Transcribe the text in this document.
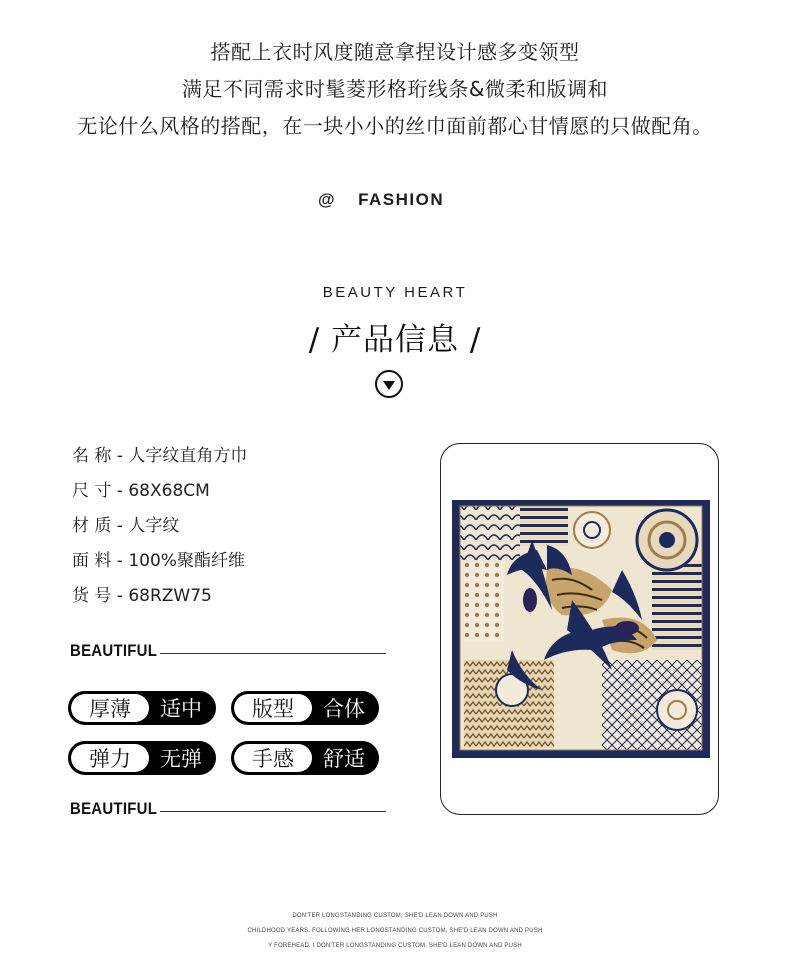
搭配上衣时风度随意拿捏设计感多变领型
满足不同需求时髦菱形格珩线条&微柔和版调和
无论什么风格的搭配，在一块小小的丝巾面前都心甘情愿的只做配角。
@ FASHION
BEAUTY HEART
/ 产品信息 /
名 称 - 人字纹直角方巾
尺 寸 - 68X68CM
材 质 - 人字纹
面 料 - 100%聚酯纤维
货 号 - 68RZW75
BEAUTIFUL
厚薄	适中	版型	合体
弹力	无弹	手感	舒适
BEAUTIFUL
DON'TER LONGSTANDING CUSTOM, SHE'D LEAN DOWN AND PUSH
CHILDHOOD YEARS. FOLLOWING HER LONGSTANDING CUSTOM, SHE'D LEAN DOWN AND PUSH
Y FOREHEAD. I DON'TER LONGSTANDING CUSTOM, SHE'D LEAN DOWN AND PUSH
